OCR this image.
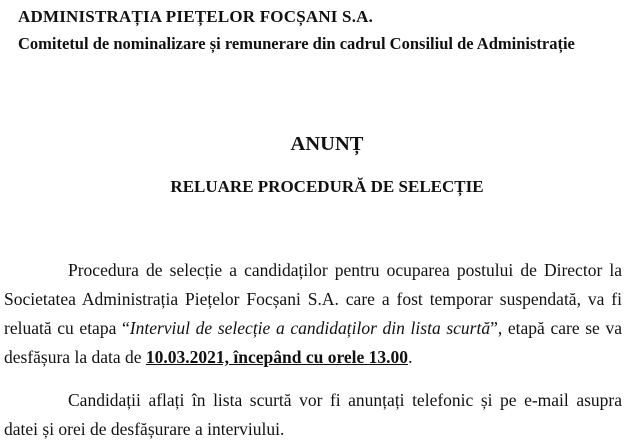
ADMINISTRAȚIA PIEȚELOR FOCȘANI S.A.
Comitetul de nominalizare și remunerare din cadrul Consiliul de Administrație
ANUNȚ
RELUARE PROCEDURĂ DE SELECȚIE

Procedura de selecție a candidaților pentru ocuparea postului de Director la Societatea Administrația Piețelor Focșani S.A. care a fost temporar suspendată, va fi reluată cu etapa “Interviul de selecție a candidaților din lista scurtă”, etapă care se va desfășura la data de 10.03.2021, începând cu orele 13.00.

Candidații aflați în lista scurtă vor fi anunțați telefonic și pe e-mail asupra datei și orei de desfășurare a interviului.
